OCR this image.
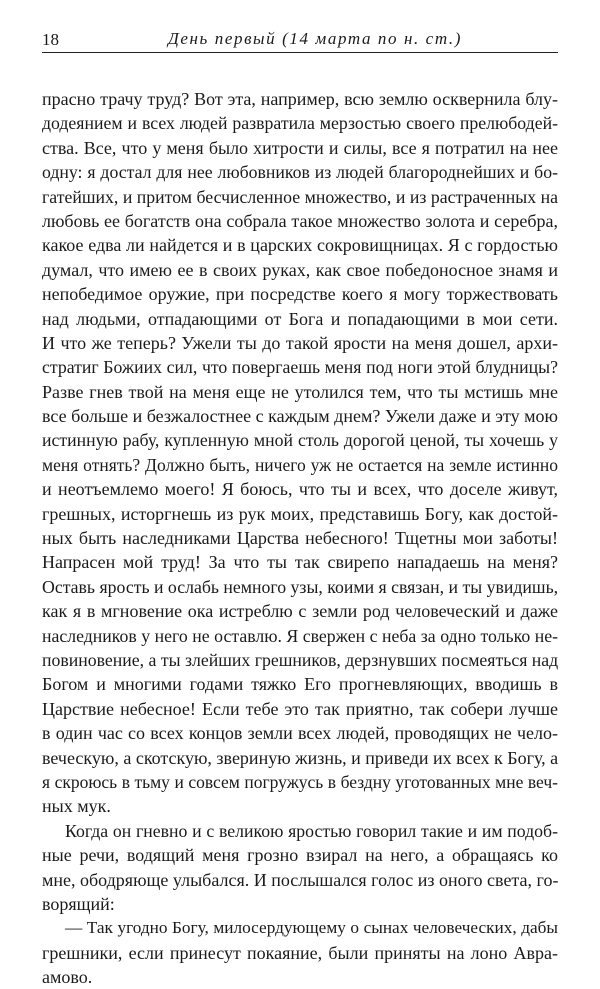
18	День первый (14 марта по н. ст.)
прасно трачу труд? Вот эта, например, всю землю осквернила блу-
додеянием и всех людей развратила мерзостью своего прелюбодей-
ства. Все, что у меня было хитрости и силы, все я потратил на нее
одну: я достал для нее любовников из людей благороднейших и бо-
гатейших, и притом бесчисленное множество, и из растраченных на
любовь ее богатств она собрала такое множество золота и серебра,
какое едва ли найдется и в царских сокровищницах. Я с гордостью
думал, что имею ее в своих руках, как свое победоносное знамя и
непобедимое оружие, при посредстве коего я могу торжествовать
над людьми, отпадающими от Бога и попадающими в мои сети.
И что же теперь? Ужели ты до такой ярости на меня дошел, архи-
стратиг Божиих сил, что повергаешь меня под ноги этой блудницы?
Разве гнев твой на меня еще не утолился тем, что ты мстишь мне
все больше и безжалостнее с каждым днем? Ужели даже и эту мою
истинную рабу, купленную мной столь дорогой ценой, ты хочешь у
меня отнять? Должно быть, ничего уж не остается на земле истинно
и неотъемлемо моего! Я боюсь, что ты и всех, что доселе живут,
грешных, исторгнешь из рук моих, представишь Богу, как достой-
ных быть наследниками Царства небесного! Тщетны мои заботы!
Напрасен мой труд! За что ты так свирепо нападаешь на меня?
Оставь ярость и ослабь немного узы, коими я связан, и ты увидишь,
как я в мгновение ока истреблю с земли род человеческий и даже
наследников у него не оставлю. Я свержен с неба за одно только не-
повиновение, а ты злейших грешников, дерзнувших посмеяться над
Богом и многими годами тяжко Его прогневляющих, вводишь в
Царствие небесное! Если тебе это так приятно, так собери лучше
в один час со всех концов земли всех людей, проводящих не чело-
веческую, а скотскую, звериную жизнь, и приведи их всех к Богу, а
я скроюсь в тьму и совсем погружусь в бездну уготованных мне веч-
ных мук.
Когда он гневно и с великою яростью говорил такие и им подоб-
ные речи, водящий меня грозно взирал на него, а обращаясь ко
мне, ободряюще улыбался. И послышался голос из оного света, го-
ворящий:
— Так угодно Богу, милосердующему о сынах человеческих, дабы
грешники, если принесут покаяние, были приняты на лоно Авра-
амово.
